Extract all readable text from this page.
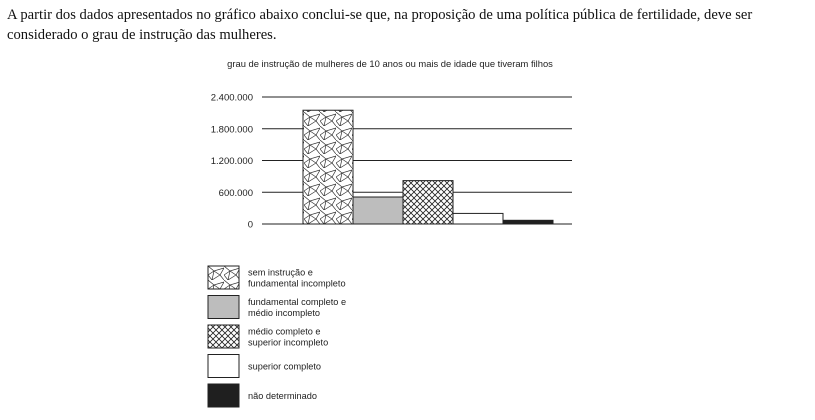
A partir dos dados apresentados no gráfico abaixo conclui-se que, na proposição de uma política pública de fertilidade, deve ser considerado o grau de instrução das mulheres.
0
600.000
1.200.000
1.800.000
2.400.000
grau de instrução de mulheres de 10 anos ou mais de idade que tiveram filhos
sem instrução e
fundamental incompleto
fundamental completo e
médio incompleto
médio completo e
superior incompleto
superior completo
não determinado
